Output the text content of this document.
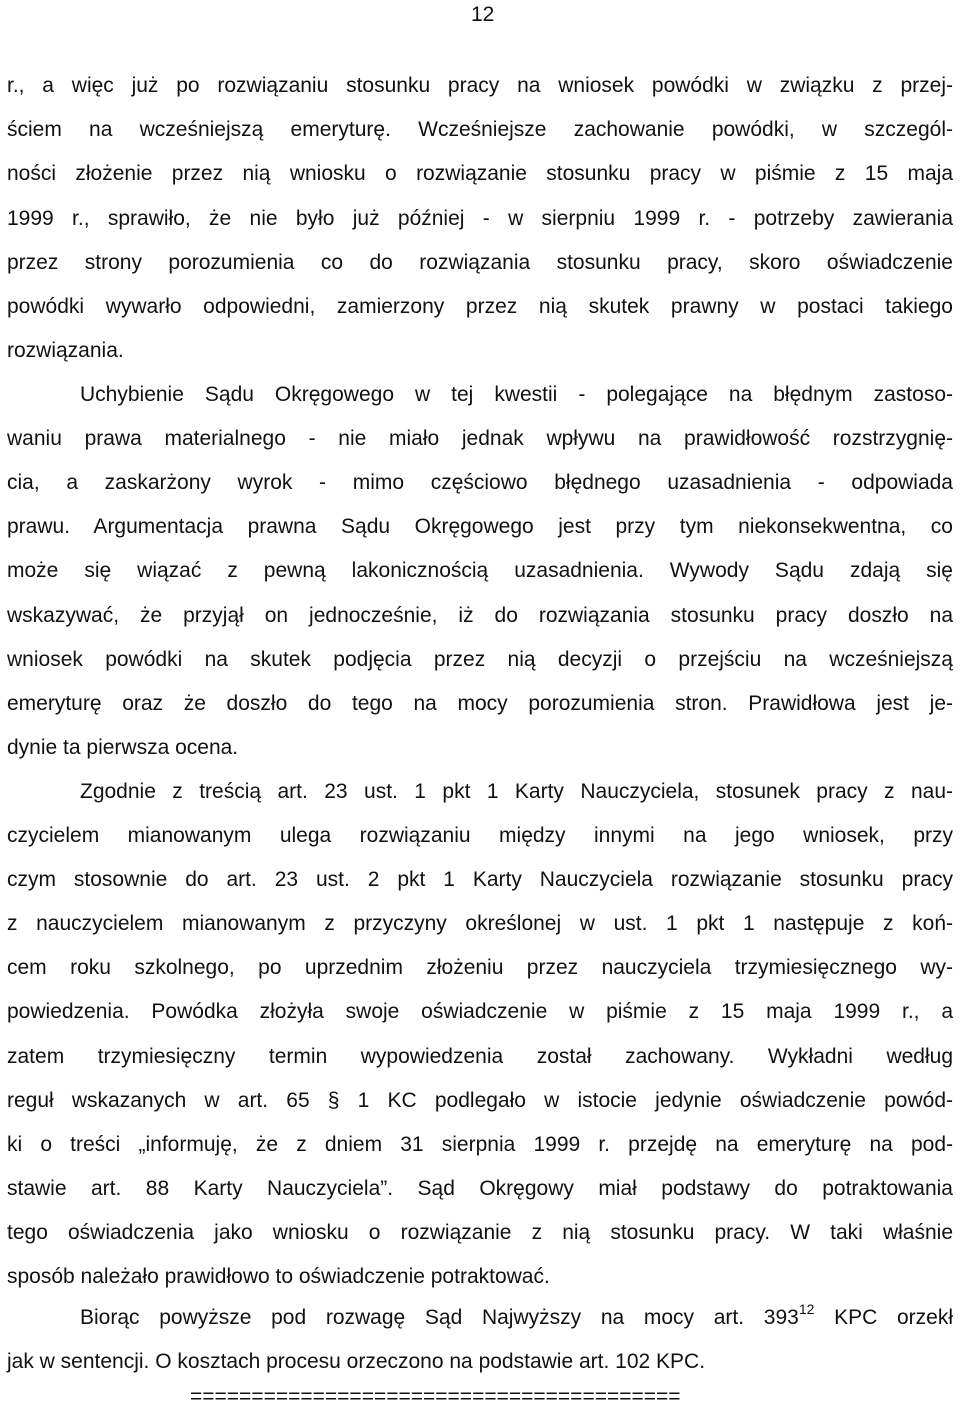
12
r., a więc już po rozwiązaniu stosunku pracy na wniosek powódki w związku z przej-
ściem na wcześniejszą emeryturę. Wcześniejsze zachowanie powódki, w szczegól-
ności złożenie przez nią wniosku o rozwiązanie stosunku pracy w piśmie z 15 maja
1999 r., sprawiło, że nie było już później - w sierpniu 1999 r. - potrzeby zawierania
przez strony porozumienia co do rozwiązania stosunku pracy, skoro oświadczenie
powódki wywarło odpowiedni, zamierzony przez nią skutek prawny w postaci takiego
rozwiązania.
Uchybienie Sądu Okręgowego w tej kwestii - polegające na błędnym zastoso-
waniu prawa materialnego - nie miało jednak wpływu na prawidłowość rozstrzygnię-
cia, a zaskarżony wyrok - mimo częściowo błędnego uzasadnienia - odpowiada
prawu. Argumentacja prawna Sądu Okręgowego jest przy tym niekonsekwentna, co
może się wiązać z pewną lakonicznością uzasadnienia. Wywody Sądu zdają się
wskazywać, że przyjął on jednocześnie, iż do rozwiązania stosunku pracy doszło na
wniosek powódki na skutek podjęcia przez nią decyzji o przejściu na wcześniejszą
emeryturę oraz że doszło do tego na mocy porozumienia stron. Prawidłowa jest je-
dynie ta pierwsza ocena.
Zgodnie z treścią art. 23 ust. 1 pkt 1 Karty Nauczyciela, stosunek pracy z nau-
czycielem mianowanym ulega rozwiązaniu między innymi na jego wniosek, przy
czym stosownie do art. 23 ust. 2 pkt 1 Karty Nauczyciela rozwiązanie stosunku pracy
z nauczycielem mianowanym z przyczyny określonej w ust. 1 pkt 1 następuje z koń-
cem roku szkolnego, po uprzednim złożeniu przez nauczyciela trzymiesięcznego wy-
powiedzenia. Powódka złożyła swoje oświadczenie w piśmie z 15 maja 1999 r., a
zatem trzymiesięczny termin wypowiedzenia został zachowany. Wykładni według
reguł wskazanych w art. 65 § 1 KC podlegało w istocie jedynie oświadczenie powód-
ki o treści „informuję, że z dniem 31 sierpnia 1999 r. przejdę na emeryturę na pod-
stawie art. 88 Karty Nauczyciela”. Sąd Okręgowy miał podstawy do potraktowania
tego oświadczenia jako wniosku o rozwiązanie z nią stosunku pracy. W taki właśnie
sposób należało prawidłowo to oświadczenie potraktować.
Biorąc powyższe pod rozwagę Sąd Najwyższy na mocy art. $393^{12}$ KPC orzekł
jak w sentencji. O kosztach procesu orzeczono na podstawie art. 102 KPC.
========================================
